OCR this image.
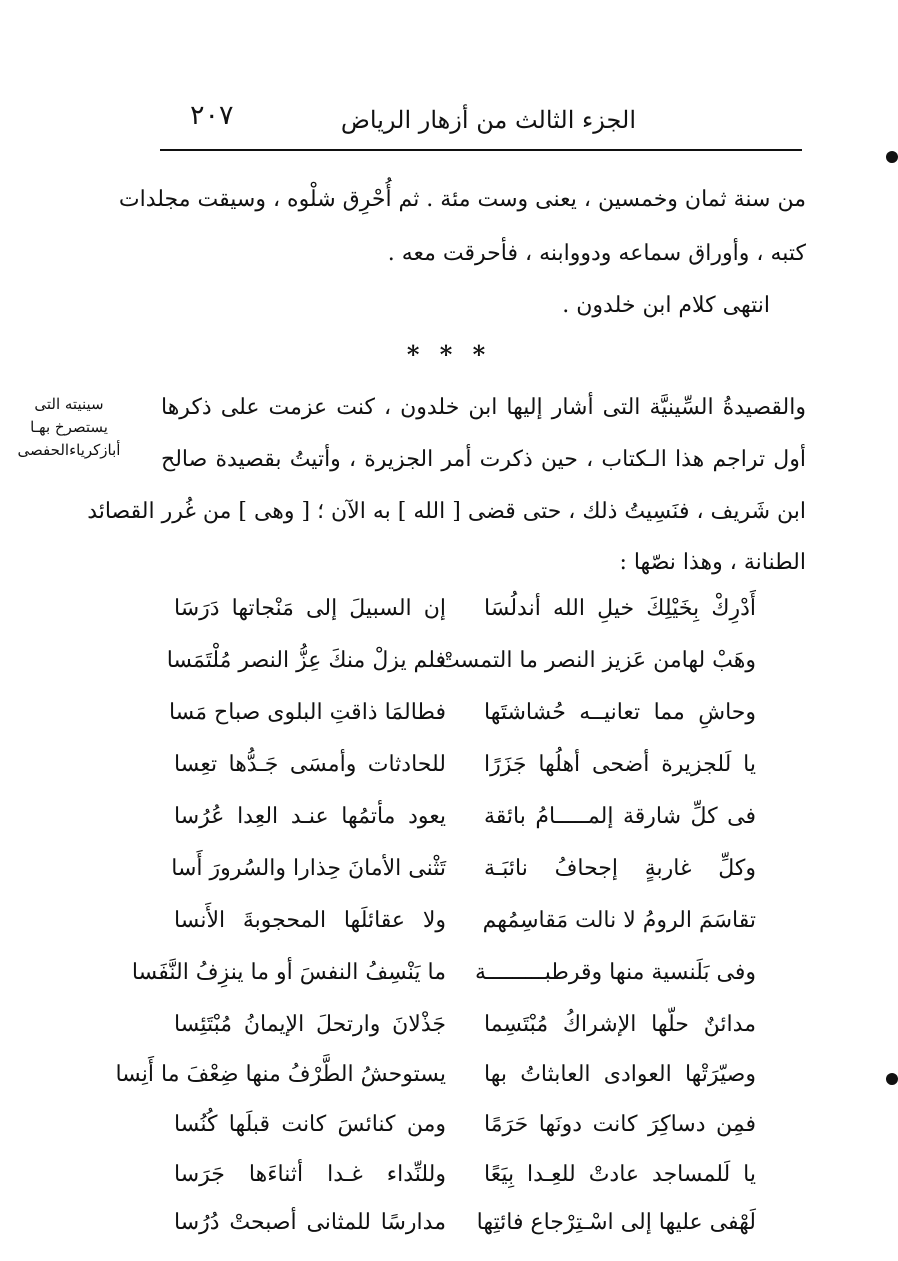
الجزء الثالث من أزهار الرياض
٢٠٧
من سنة ثمان وخمسين ، يعنى وست مئة . ثم أُحْرِق شلْوه ، وسيقت مجلدات
كتبه ، وأوراق سماعه ودووابنه ، فأحرقت معه .
انتهى كلام ابن خلدون .
* * *
سينيته التى
يستصرخ بهـا
أبازكرياءالحفصى
والقصيدةُ السِّينيَّة التى أشار إليها ابن خلدون ، كنت عزمت على ذكرها
أول تراجم هذا الـكتاب ، حين ذكرت أمر الجزيرة ، وأتيتُ بقصيدة صالح
ابن شَريف ، فنَسِيتُ ذلك ، حتى قضى [ الله ] به الآن ؛ [ وهى ] من غُرر القصائد
الطنانة ، وهذا نصّها :
أَدْرِكْ بِخَيْلِكَ خيلِ الله أندلُسَا
إن السبيلَ إلى مَنْجاتها دَرَسَا
وهَبْ لهامن عَزيز النصر ما التمستْ
فلم يزلْ منكَ عِزُّ النصر مُلْتَمَسا
وحاشِ مما تعانيــه حُشاشتَها
فطالمَا ذاقتِ البلوى صباح مَسا
يا لَلجزيرة أضحى أهلُها جَزَرًا
للحادثات وأمسَى جَـدُّها تعِسا
فى كلِّ شارقة إلمـــــامُ بائقة
يعود مأتمُها عنـد العِدا عُرُسا
وكلِّ غاربةٍ إجحافُ نائبَـة
تَثْنى الأمانَ حِذارا والسُرورَ أَسا
تقاسَمَ الرومُ لا نالت مَقاسِمُهم
ولا عقائلَها المحجوبةَ الأَنسا
وفى بَلَنسية منها وقرطبـــــــــة
ما يَنْسِفُ النفسَ أو ما ينزِفُ النَّفَسا
مدائنٌ حلّها الإشراكُ مُبْتَسِما
جَذْلانَ وارتحلَ الإيمانُ مُبْتَئِسا
وصيّرَتْها العوادى العابثاتُ بها
يستوحشُ الطَّرْفُ منها ضِعْفَ ما أَنِسا
فمِن دساكِرَ كانت دونَها حَرَمًا
ومن كنائسَ كانت قبلَها كُنُسا
يا لَلمساجد عادتْ للعِـدا بِيَعًا
وللنِّداء غـدا أثناءَها جَرَسا
لَهْفى عليها إلى اسْـتِرْجاع فائتِها
مدارسًا للمثانى أصبحتْ دُرُسا
